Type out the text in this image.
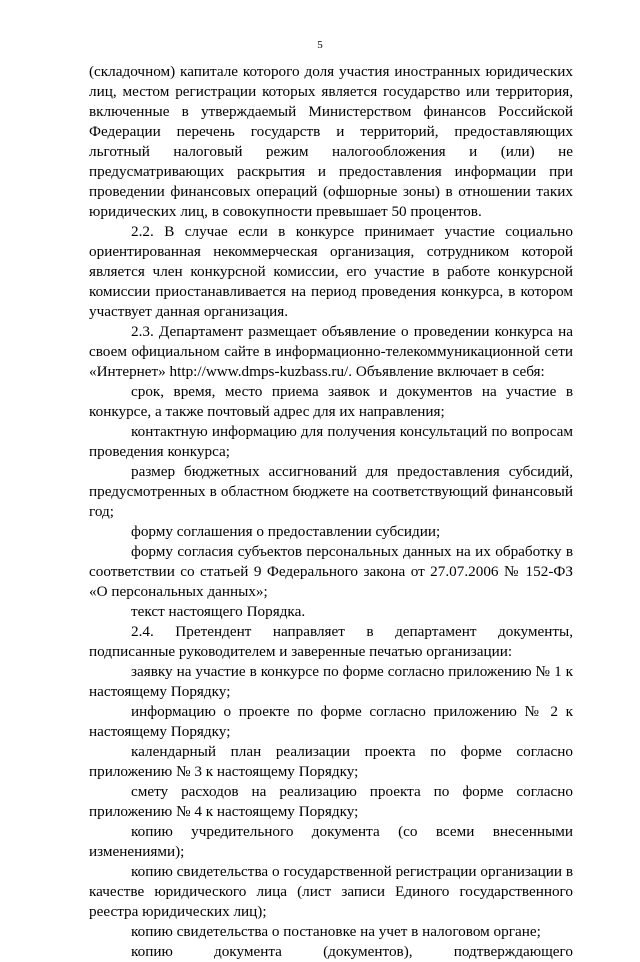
5

(складочном) капитале которого доля участия иностранных юридических лиц, местом регистрации которых является государство или территория, включенные в утверждаемый Министерством финансов Российской Федерации перечень государств и территорий, предоставляющих льготный налоговый режим налогообложения и (или) не предусматривающих раскрытия и предоставления информации при проведении финансовых операций (офшорные зоны) в отношении таких юридических лиц, в совокупности превышает 50 процентов.

2.2. В случае если в конкурсе принимает участие социально ориентированная некоммерческая организация, сотрудником которой является член конкурсной комиссии, его участие в работе конкурсной комиссии приостанавливается на период проведения конкурса, в котором участвует данная организация.

2.3. Департамент размещает объявление о проведении конкурса на своем официальном сайте в информационно-телекоммуникационной сети «Интернет» http://www.dmps-kuzbass.ru/. Объявление включает в себя:

срок, время, место приема заявок и документов на участие в конкурсе, а также почтовый адрес для их направления;

контактную информацию для получения консультаций по вопросам проведения конкурса;

размер бюджетных ассигнований для предоставления субсидий, предусмотренных в областном бюджете на соответствующий финансовый год;

форму соглашения о предоставлении субсидии;

форму согласия субъектов персональных данных на их обработку в соответствии со статьей 9 Федерального закона от 27.07.2006 № 152-ФЗ «О персональных данных»;

текст настоящего Порядка.

2.4. Претендент направляет в департамент документы, подписанные руководителем и заверенные печатью организации:

заявку на участие в конкурсе по форме согласно приложению № 1 к настоящему Порядку;

информацию о проекте по форме согласно приложению № 2 к настоящему Порядку;

календарный план реализации проекта по форме согласно приложению № 3 к настоящему Порядку;

смету расходов на реализацию проекта по форме согласно приложению № 4 к настоящему Порядку;

копию учредительного документа (со всеми внесенными изменениями);

копию свидетельства о государственной регистрации организации в качестве юридического лица (лист записи Единого государственного реестра юридических лиц);

копию свидетельства о постановке на учет в налоговом органе;

копию документа (документов), подтверждающего
